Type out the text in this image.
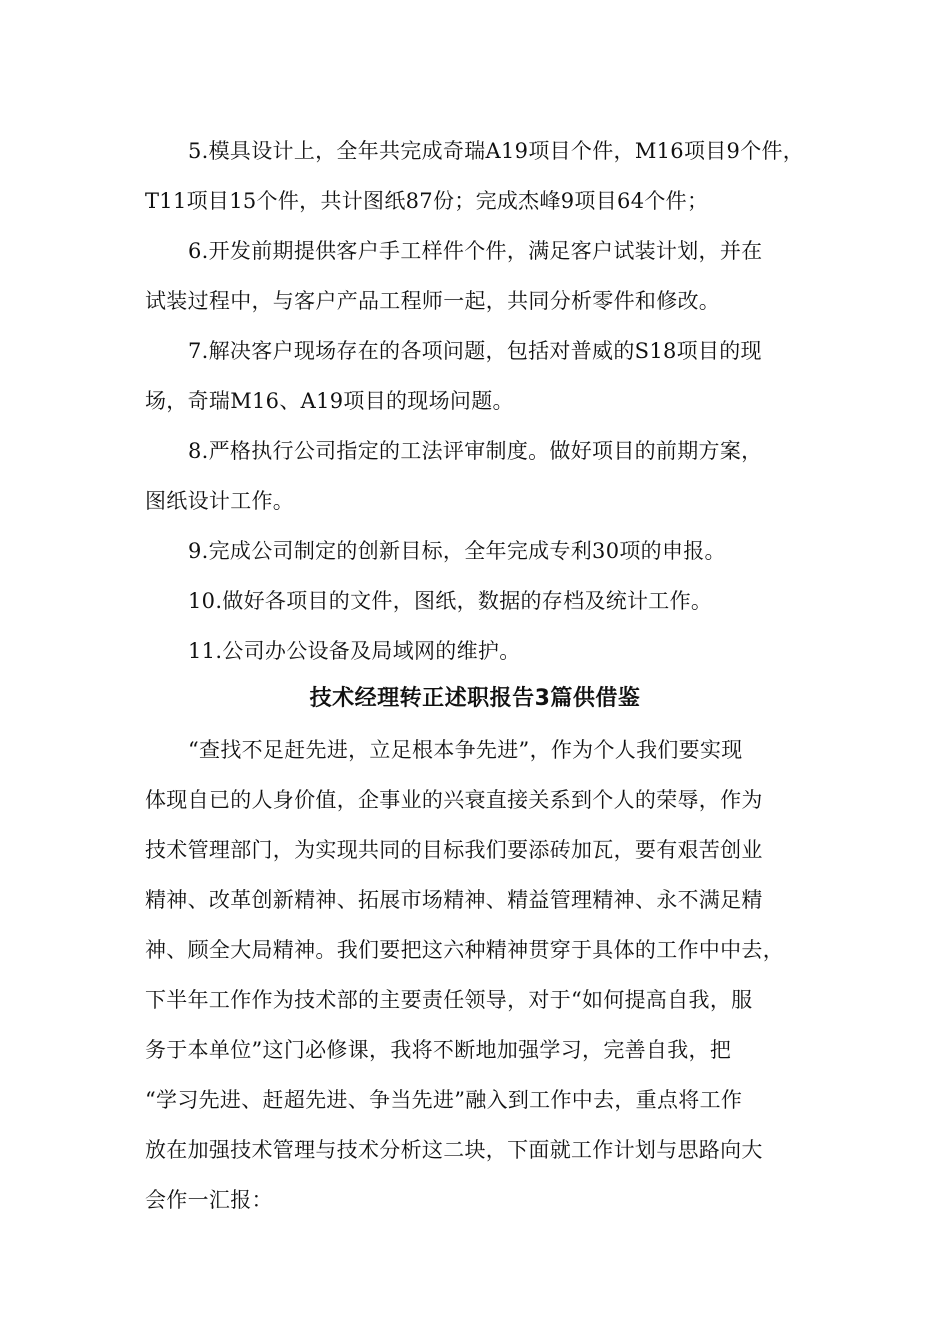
5.模具设计上，全年共完成奇瑞A19项目个件，M16项目9个件，
T11项目15个件，共计图纸87份；完成杰峰9项目64个件；
6.开发前期提供客户手工样件个件，满足客户试装计划，并在
试装过程中，与客户产品工程师一起，共同分析零件和修改。
7.解决客户现场存在的各项问题，包括对普威的S18项目的现
场，奇瑞M16、A19项目的现场问题。
8.严格执行公司指定的工法评审制度。做好项目的前期方案，
图纸设计工作。
9.完成公司制定的创新目标，全年完成专利30项的申报。
10.做好各项目的文件，图纸，数据的存档及统计工作。
11.公司办公设备及局域网的维护。
技术经理转正述职报告3篇供借鉴
“查找不足赶先进，立足根本争先进”，作为个人我们要实现
体现自已的人身价值，企事业的兴衰直接关系到个人的荣辱，作为
技术管理部门，为实现共同的目标我们要添砖加瓦，要有艰苦创业
精神、改革创新精神、拓展市场精神、精益管理精神、永不满足精
神、顾全大局精神。我们要把这六种精神贯穿于具体的工作中中去，
下半年工作作为技术部的主要责任领导，对于“如何提高自我，服
务于本单位”这门必修课，我将不断地加强学习，完善自我，把
“学习先进、赶超先进、争当先进”融入到工作中去，重点将工作
放在加强技术管理与技术分析这二块，下面就工作计划与思路向大
会作一汇报：
